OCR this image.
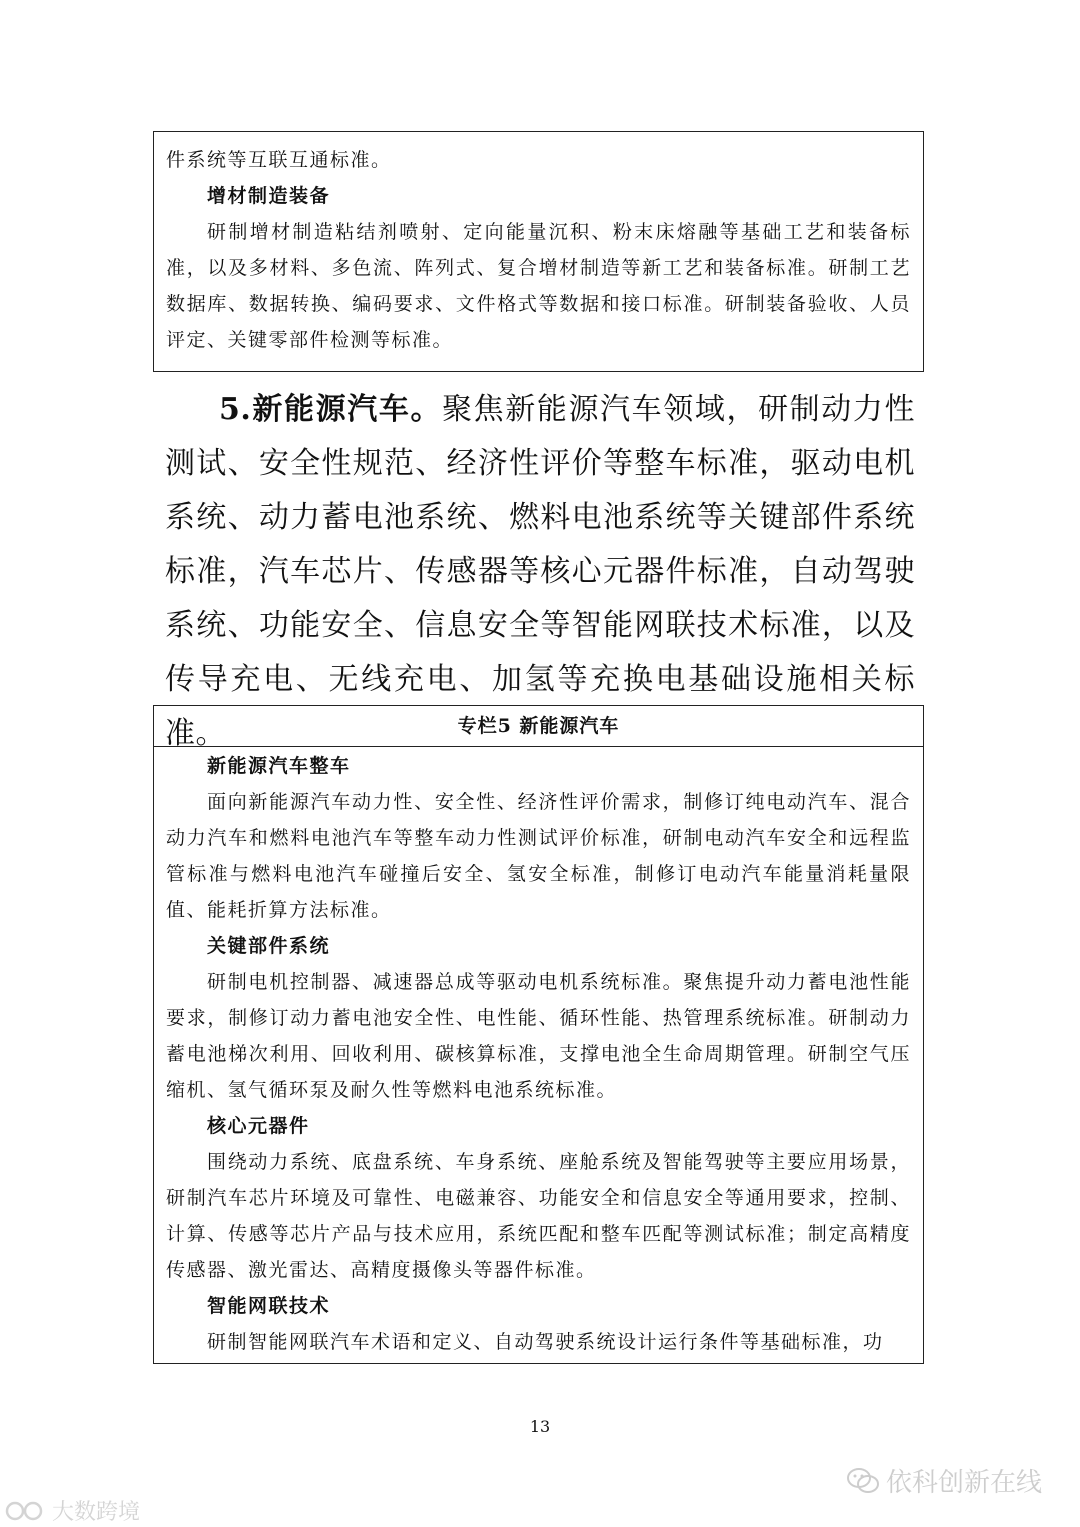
件系统等互联互通标准。

增材制造装备

研制增材制造粘结剂喷射、定向能量沉积、粉末床熔融等基础工艺和装备标准，以及多材料、多色流、阵列式、复合增材制造等新工艺和装备标准。研制工艺数据库、数据转换、编码要求、文件格式等数据和接口标准。研制装备验收、人员评定、关键零部件检测等标准。

5.新能源汽车。聚焦新能源汽车领域，研制动力性测试、安全性规范、经济性评价等整车标准，驱动电机系统、动力蓄电池系统、燃料电池系统等关键部件系统标准，汽车芯片、传感器等核心元器件标准，自动驾驶系统、功能安全、信息安全等智能网联技术标准，以及传导充电、无线充电、加氢等充换电基础设施相关标准。	专栏5 新能源汽车

新能源汽车整车

面向新能源汽车动力性、安全性、经济性评价需求，制修订纯电动汽车、混合动力汽车和燃料电池汽车等整车动力性测试评价标准，研制电动汽车安全和远程监管标准与燃料电池汽车碰撞后安全、氢安全标准，制修订电动汽车能量消耗量限值、能耗折算方法标准。

关键部件系统

研制电机控制器、减速器总成等驱动电机系统标准。聚焦提升动力蓄电池性能要求，制修订动力蓄电池安全性、电性能、循环性能、热管理系统标准。研制动力蓄电池梯次利用、回收利用、碳核算标准，支撑电池全生命周期管理。研制空气压缩机、氢气循环泵及耐久性等燃料电池系统标准。

核心元器件

围绕动力系统、底盘系统、车身系统、座舱系统及智能驾驶等主要应用场景，研制汽车芯片环境及可靠性、电磁兼容、功能安全和信息安全等通用要求，控制、计算、传感等芯片产品与技术应用，系统匹配和整车匹配等测试标准；制定高精度传感器、激光雷达、高精度摄像头等器件标准。

智能网联技术

研制智能网联汽车术语和定义、自动驾驶系统设计运行条件等基础标准，功

13
依科创新在线
大数跨境
